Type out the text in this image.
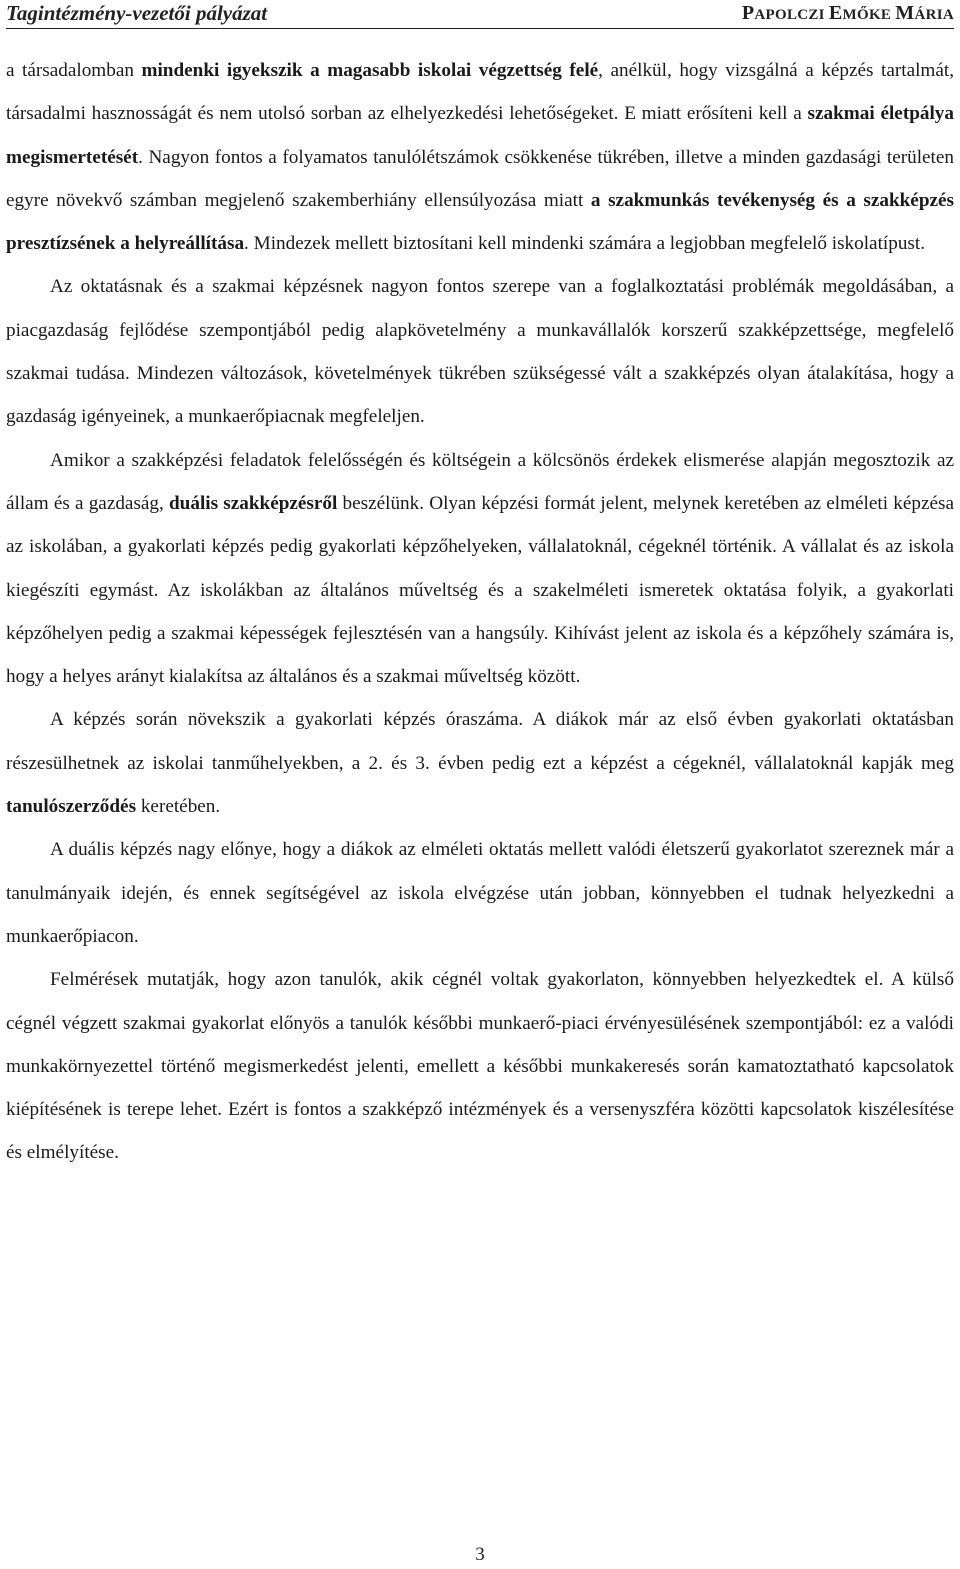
Tagintézmény-vezetői pályázat	PAPOLCZI EMŐKE MÁRIA

a társadalomban mindenki igyekszik a magasabb iskolai végzettség felé, anélkül, hogy vizsgálná a képzés tartalmát, társadalmi hasznosságát és nem utolsó sorban az elhelyezkedési lehetőségeket. E miatt erősíteni kell a szakmai életpálya megismertetését. Nagyon fontos a folyamatos tanulólétszámok csökkenése tükrében, illetve a minden gazdasági területen egyre növekvő számban megjelenő szakemberhiány ellensúlyozása miatt a szakmunkás tevékenység és a szakképzés presztízsének a helyreállítása. Mindezek mellett biztosítani kell mindenki számára a legjobban megfelelő iskolatípust.

Az oktatásnak és a szakmai képzésnek nagyon fontos szerepe van a foglalkoztatási problémák megoldásában, a piacgazdaság fejlődése szempontjából pedig alapkövetelmény a munkavállalók korszerű szakképzettsége, megfelelő szakmai tudása. Mindezen változások, követelmények tükrében szükségessé vált a szakképzés olyan átalakítása, hogy a gazdaság igényeinek, a munkaerőpiacnak megfeleljen.

Amikor a szakképzési feladatok felelősségén és költségein a kölcsönös érdekek elismerése alapján megosztozik az állam és a gazdaság, duális szakképzésről beszélünk. Olyan képzési formát jelent, melynek keretében az elméleti képzésa az iskolában, a gyakorlati képzés pedig gyakorlati képzőhelyeken, vállalatoknál, cégeknél történik. A vállalat és az iskola kiegészíti egymást. Az iskolákban az általános műveltség és a szakelméleti ismeretek oktatása folyik, a gyakorlati képzőhelyen pedig a szakmai képességek fejlesztésén van a hangsúly. Kihívást jelent az iskola és a képzőhely számára is, hogy a helyes arányt kialakítsa az általános és a szakmai műveltség között.

A képzés során növekszik a gyakorlati képzés óraszáma. A diákok már az első évben gyakorlati oktatásban részesülhetnek az iskolai tanműhelyekben, a 2. és 3. évben pedig ezt a képzést a cégeknél, vállalatoknál kapják meg tanulószerződés keretében.

A duális képzés nagy előnye, hogy a diákok az elméleti oktatás mellett valódi életszerű gyakorlatot szereznek már a tanulmányaik idején, és ennek segítségével az iskola elvégzése után jobban, könnyebben el tudnak helyezkedni a munkaerőpiacon.

Felmérések mutatják, hogy azon tanulók, akik cégnél voltak gyakorlaton, könnyebben helyezkedtek el. A külső cégnél végzett szakmai gyakorlat előnyös a tanulók későbbi munkaerő-piaci érvényesülésének szempontjából: ez a valódi munkakörnyezettel történő megismerkedést jelenti, emellett a későbbi munkakeresés során kamatoztatható kapcsolatok kiépítésének is terepe lehet. Ezért is fontos a szakképző intézmények és a versenyszféra közötti kapcsolatok kiszélesítése és elmélyítése.

3
